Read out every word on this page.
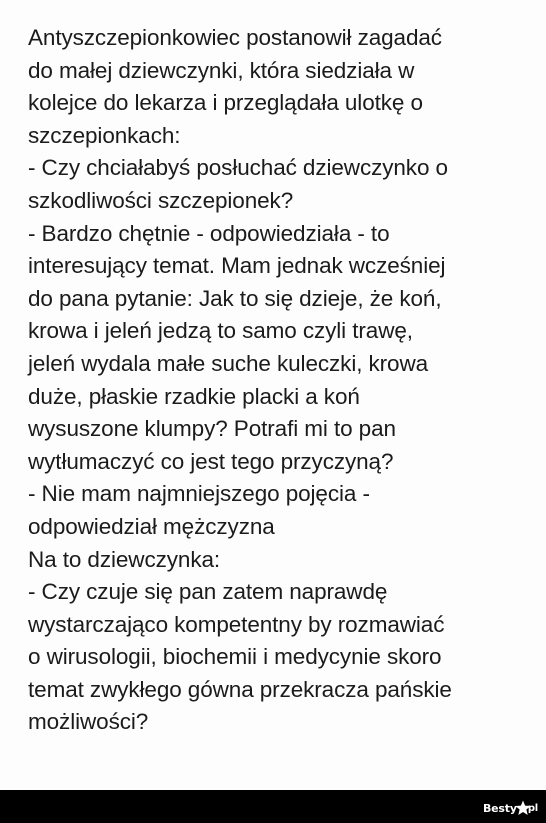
Antyszczepionkowiec postanowił zagadać
do małej dziewczynki, która siedziała w
kolejce do lekarza i przeglądała ulotkę o
szczepionkach:
- Czy chciałabyś posłuchać dziewczynko o
szkodliwości szczepionek?
- Bardzo chętnie - odpowiedziała - to
interesujący temat. Mam jednak wcześniej
do pana pytanie: Jak to się dzieje, że koń,
krowa i jeleń jedzą to samo czyli trawę,
jeleń wydala małe suche kuleczki, krowa
duże, płaskie rzadkie placki a koń
wysuszone klumpy? Potrafi mi to pan
wytłumaczyć co jest tego przyczyną?
- Nie mam najmniejszego pojęcia -
odpowiedział mężczyzna
Na to dziewczynka:
- Czy czuje się pan zatem naprawdę
wystarczająco kompetentny by rozmawiać
o wirusologii, biochemii i medycynie skoro
temat zwykłego gówna przekracza pańskie
możliwości?
Besty pl
